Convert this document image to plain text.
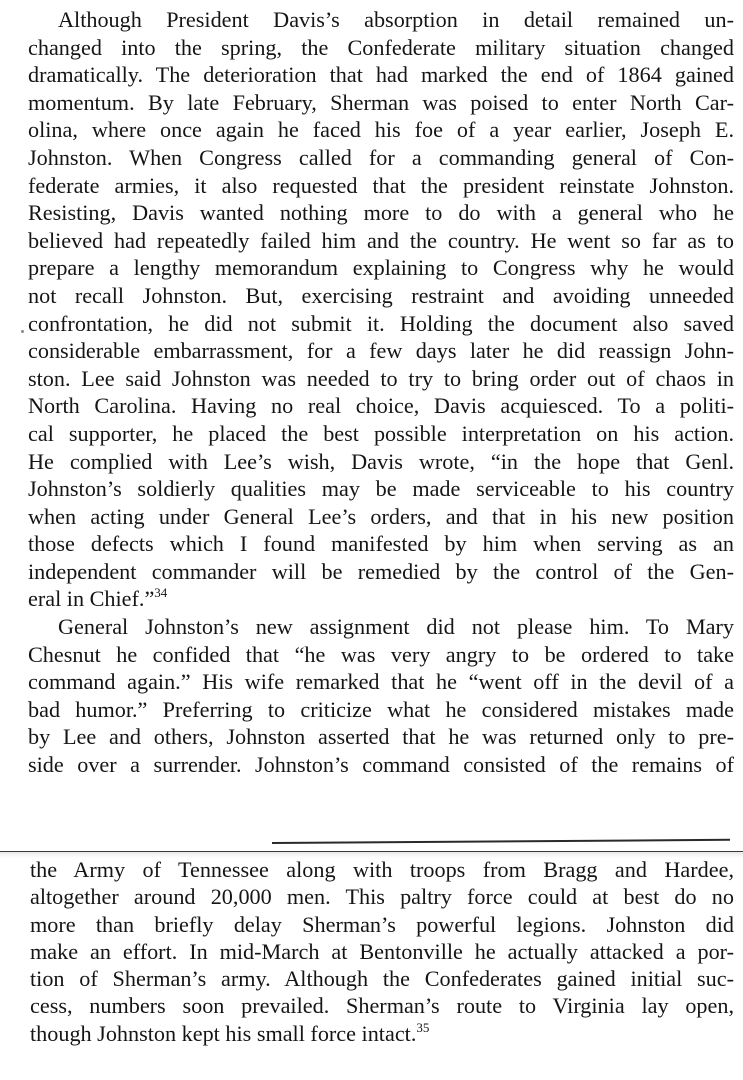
Although President Davis’s absorption in detail remained un-
changed into the spring, the Confederate military situation changed
dramatically. The deterioration that had marked the end of 1864 gained
momentum. By late February, Sherman was poised to enter North Car-
olina, where once again he faced his foe of a year earlier, Joseph E.
Johnston. When Congress called for a commanding general of Con-
federate armies, it also requested that the president reinstate Johnston.
Resisting, Davis wanted nothing more to do with a general who he
believed had repeatedly failed him and the country. He went so far as to
prepare a lengthy memorandum explaining to Congress why he would
not recall Johnston. But, exercising restraint and avoiding unneeded
confrontation, he did not submit it. Holding the document also saved
considerable embarrassment, for a few days later he did reassign John-
ston. Lee said Johnston was needed to try to bring order out of chaos in
North Carolina. Having no real choice, Davis acquiesced. To a politi-
cal supporter, he placed the best possible interpretation on his action.
He complied with Lee’s wish, Davis wrote, “in the hope that Genl.
Johnston’s soldierly qualities may be made serviceable to his country
when acting under General Lee’s orders, and that in his new position
those defects which I found manifested by him when serving as an
independent commander will be remedied by the control of the Gen-
eral in Chief.”$^{34}$
General Johnston’s new assignment did not please him. To Mary
Chesnut he confided that “he was very angry to be ordered to take
command again.” His wife remarked that he “went off in the devil of a
bad humor.” Preferring to criticize what he considered mistakes made
by Lee and others, Johnston asserted that he was returned only to pre-
side over a surrender. Johnston’s command consisted of the remains of
the Army of Tennessee along with troops from Bragg and Hardee,
altogether around 20,000 men. This paltry force could at best do no
more than briefly delay Sherman’s powerful legions. Johnston did
make an effort. In mid-March at Bentonville he actually attacked a por-
tion of Sherman’s army. Although the Confederates gained initial suc-
cess, numbers soon prevailed. Sherman’s route to Virginia lay open,
though Johnston kept his small force intact.$^{35}$
